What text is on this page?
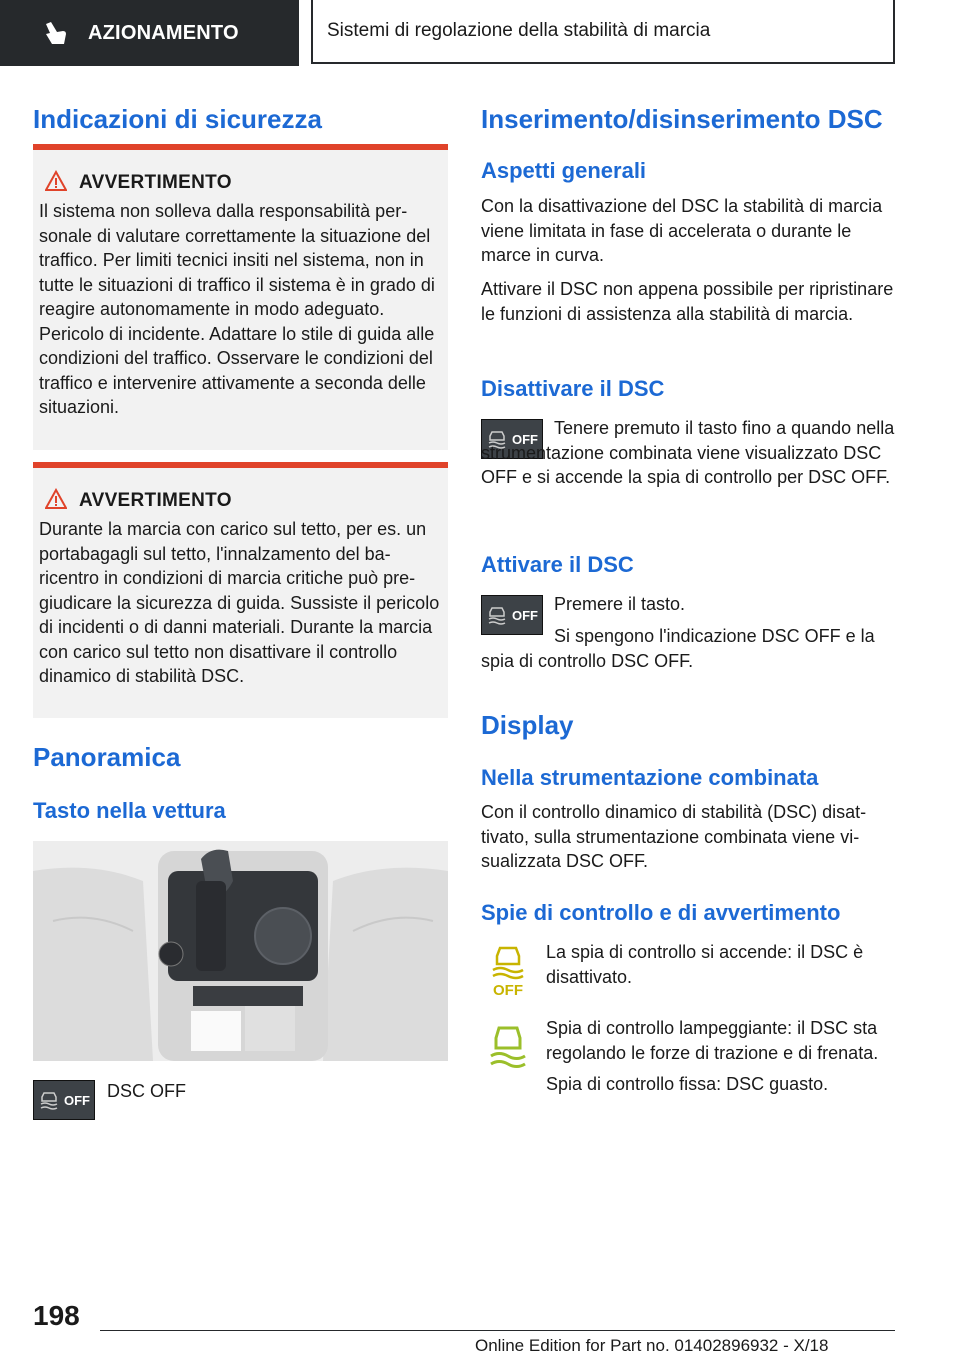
AZIONAMENTO	Sistemi di regolazione della stabilità di marcia
Indicazioni di sicurezza
AVVERTIMENTO

Il sistema non solleva dalla responsabilità personale di valutare correttamente la situazione del traffico. Per limiti tecnici insiti nel sistema, non in tutte le situazioni di traffico il sistema è in grado di reagire autonomamente in modo adeguato. Pericolo di incidente. Adattare lo stile di guida alle condizioni del traffico. Osservare le condizioni del traffico e intervenire attivamente a seconda delle situazioni.

AVVERTIMENTO

Durante la marcia con carico sul tetto, per es. un portabagagli sul tetto, l'innalzamento del baricentro in condizioni di marcia critiche può pregiudicare la sicurezza di guida. Sussiste il pericolo di incidenti o di danni materiali. Durante la marcia con carico sul tetto non disattivare il controllo dinamico di stabilità DSC.

Panoramica
Tasto nella vettura
OFF DSC OFF
Inserimento/disinserimento DSC
Aspetti generali

Con la disattivazione del DSC la stabilità di marcia viene limitata in fase di accelerata o durante le marce in curva.

Attivare il DSC non appena possibile per ripristinare le funzioni di assistenza alla stabilità di marcia.

Disattivare il DSC
OFF

Tenere premuto il tasto fino a quando nella strumentazione combinata viene visualizzato DSC OFF e si accende la spia di controllo per DSC OFF.

Attivare il DSC
OFF

Premere il tasto.

Si spengono l'indicazione DSC OFF e la spia di controllo DSC OFF.

Display
Nella strumentazione combinata

Con il controllo dinamico di stabilità (DSC) disattivato, sulla strumentazione combinata viene visualizzata DSC OFF.

Spie di controllo e di avvertimento
OFF

La spia di controllo si accende: il DSC è disattivato.

Spia di controllo lampeggiante: il DSC sta regolando le forze di trazione e di frenata.

Spia di controllo fissa: DSC guasto.

198
Online Edition for Part no. 01402896932 - X/18
